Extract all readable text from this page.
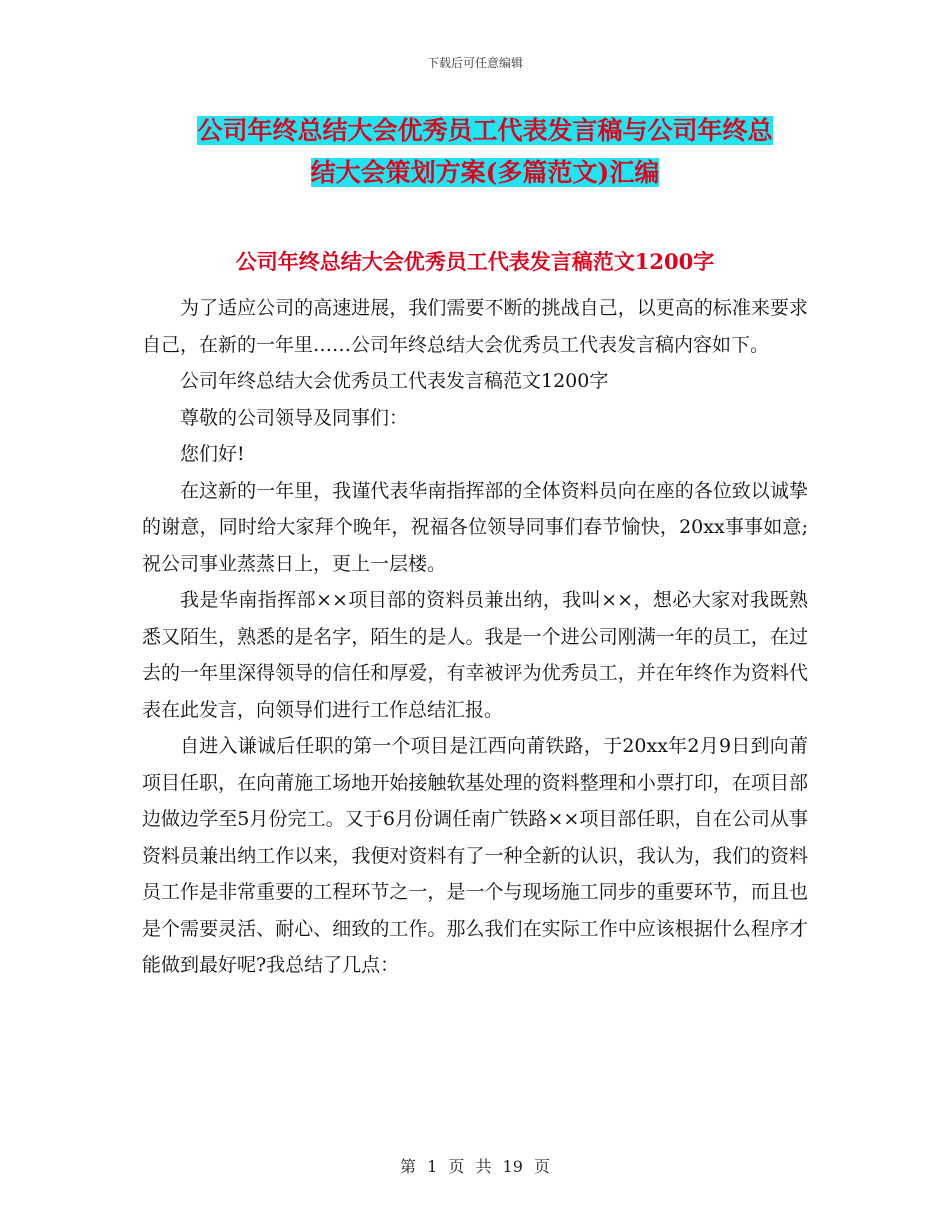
下载后可任意编辑
公司年终总结大会优秀员工代表发言稿与公司年终总
结大会策划方案(多篇范文)汇编
公司年终总结大会优秀员工代表发言稿范文1200字

为了适应公司的高速进展，我们需要不断的挑战自己，以更高的标准来要求自己，在新的一年里……公司年终总结大会优秀员工代表发言稿内容如下。

公司年终总结大会优秀员工代表发言稿范文1200字

尊敬的公司领导及同事们：

您们好!

在这新的一年里，我谨代表华南指挥部的全体资料员向在座的各位致以诚挚的谢意，同时给大家拜个晚年，祝福各位领导同事们春节愉快，20xx事事如意;祝公司事业蒸蒸日上，更上一层楼。

我是华南指挥部××项目部的资料员兼出纳，我叫××，想必大家对我既熟悉又陌生，熟悉的是名字，陌生的是人。我是一个进公司刚满一年的员工，在过去的一年里深得领导的信任和厚爱，有幸被评为优秀员工，并在年终作为资料代表在此发言，向领导们进行工作总结汇报。

自进入谦诚后任职的第一个项目是江西向莆铁路，于20xx年2月9日到向莆项目任职，在向莆施工场地开始接触软基处理的资料整理和小票打印，在项目部边做边学至5月份完工。又于6月份调任南广铁路××项目部任职，自在公司从事资料员兼出纳工作以来，我便对资料有了一种全新的认识，我认为，我们的资料员工作是非常重要的工程环节之一，是一个与现场施工同步的重要环节，而且也是个需要灵活、耐心、细致的工作。那么我们在实际工作中应该根据什么程序才能做到最好呢?我总结了几点：

第 1 页 共 19 页
